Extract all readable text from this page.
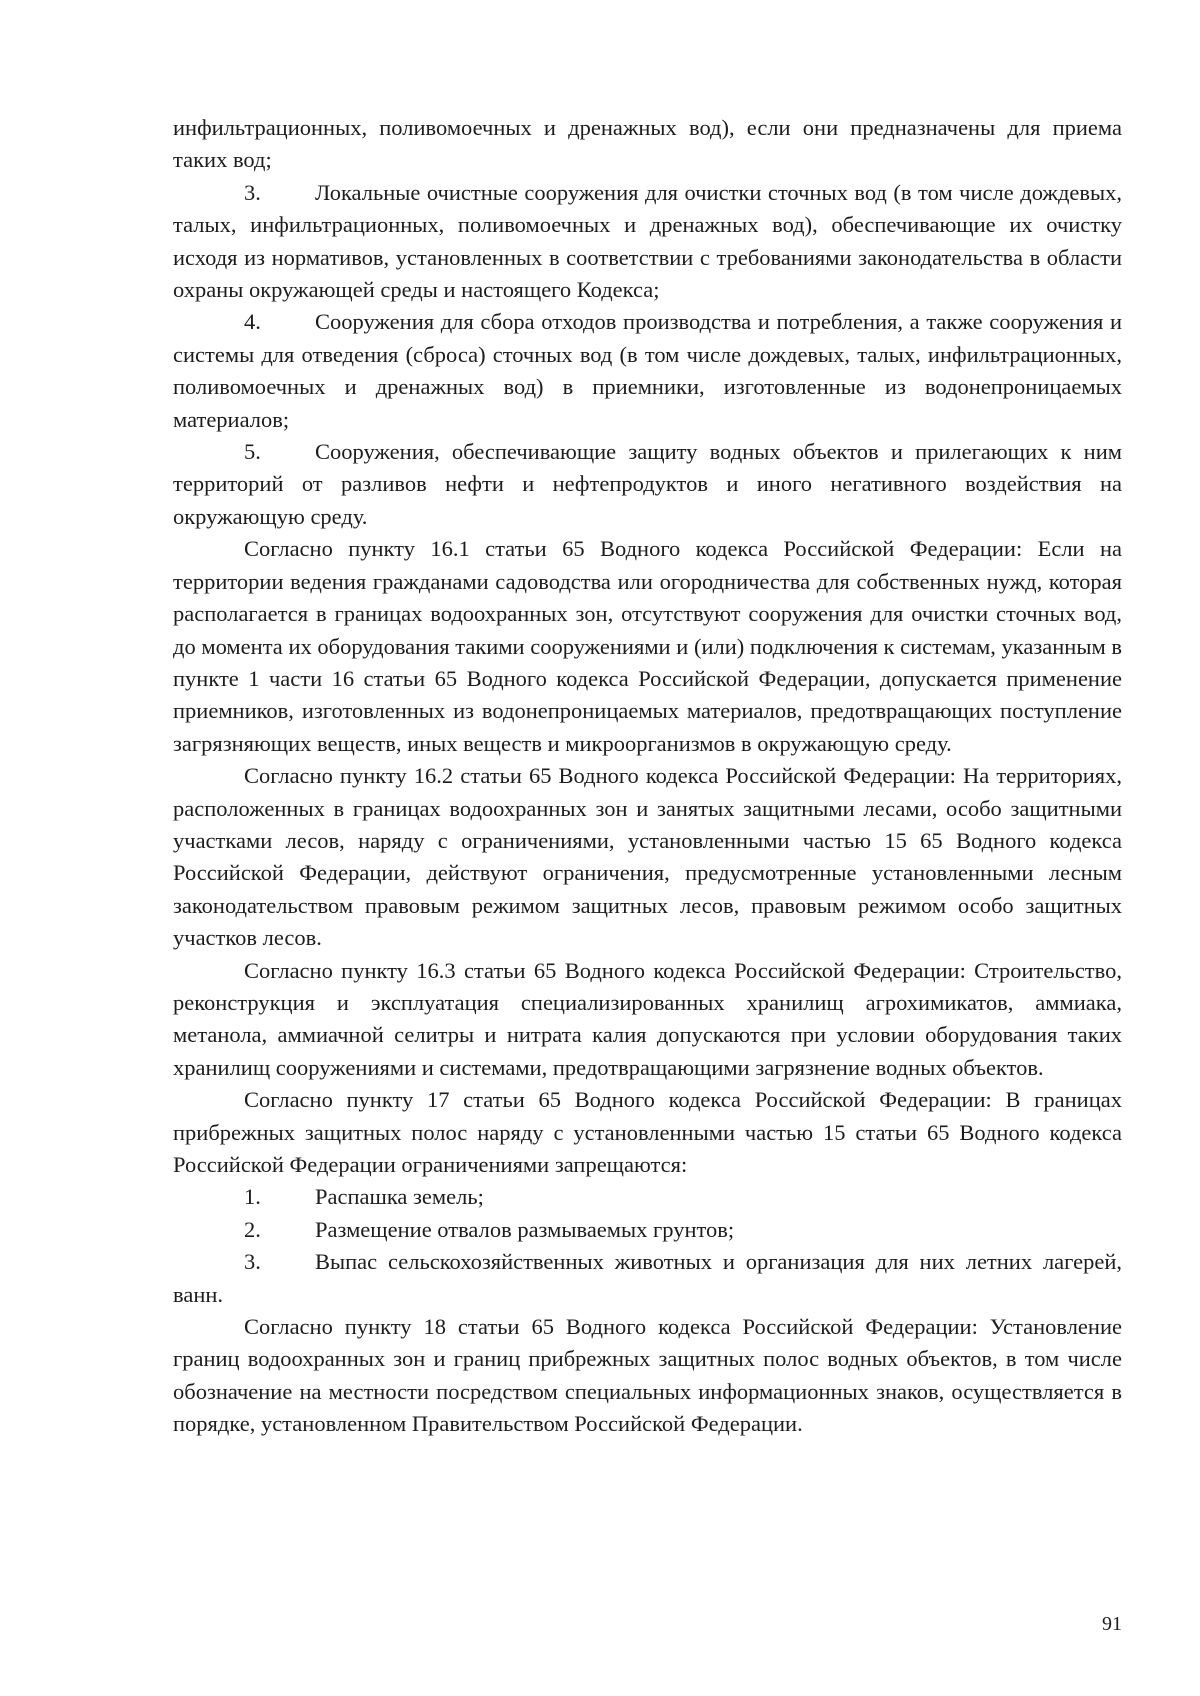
инфильтрационных, поливомоечных и дренажных вод), если они предназначены для приема таких вод;

3. Локальные очистные сооружения для очистки сточных вод (в том числе дождевых, талых, инфильтрационных, поливомоечных и дренажных вод), обеспечивающие их очистку исходя из нормативов, установленных в соответствии с требованиями законодательства в области охраны окружающей среды и настоящего Кодекса;

4. Сооружения для сбора отходов производства и потребления, а также сооружения и системы для отведения (сброса) сточных вод (в том числе дождевых, талых, инфильтрационных, поливомоечных и дренажных вод) в приемники, изготовленные из водонепроницаемых материалов;

5. Сооружения, обеспечивающие защиту водных объектов и прилегающих к ним территорий от разливов нефти и нефтепродуктов и иного негативного воздействия на окружающую среду.

Согласно пункту 16.1 статьи 65 Водного кодекса Российской Федерации: Если на территории ведения гражданами садоводства или огородничества для собственных нужд, которая располагается в границах водоохранных зон, отсутствуют сооружения для очистки сточных вод, до момента их оборудования такими сооружениями и (или) подключения к системам, указанным в пункте 1 части 16 статьи 65 Водного кодекса Российской Федерации, допускается применение приемников, изготовленных из водонепроницаемых материалов, предотвращающих поступление загрязняющих веществ, иных веществ и микроорганизмов в окружающую среду.

Согласно пункту 16.2 статьи 65 Водного кодекса Российской Федерации: На территориях, расположенных в границах водоохранных зон и занятых защитными лесами, особо защитными участками лесов, наряду с ограничениями, установленными частью 15 65 Водного кодекса Российской Федерации, действуют ограничения, предусмотренные установленными лесным законодательством правовым режимом защитных лесов, правовым режимом особо защитных участков лесов.

Согласно пункту 16.3 статьи 65 Водного кодекса Российской Федерации: Строительство, реконструкция и эксплуатация специализированных хранилищ агрохимикатов, аммиака, метанола, аммиачной селитры и нитрата калия допускаются при условии оборудования таких хранилищ сооружениями и системами, предотвращающими загрязнение водных объектов.

Согласно пункту 17 статьи 65 Водного кодекса Российской Федерации: В границах прибрежных защитных полос наряду с установленными частью 15 статьи 65 Водного кодекса Российской Федерации ограничениями запрещаются:

1. Распашка земель;

2. Размещение отвалов размываемых грунтов;

3. Выпас сельскохозяйственных животных и организация для них летних лагерей, ванн.

Согласно пункту 18 статьи 65 Водного кодекса Российской Федерации: Установление границ водоохранных зон и границ прибрежных защитных полос водных объектов, в том числе обозначение на местности посредством специальных информационных знаков, осуществляется в порядке, установленном Правительством Российской Федерации.

91
